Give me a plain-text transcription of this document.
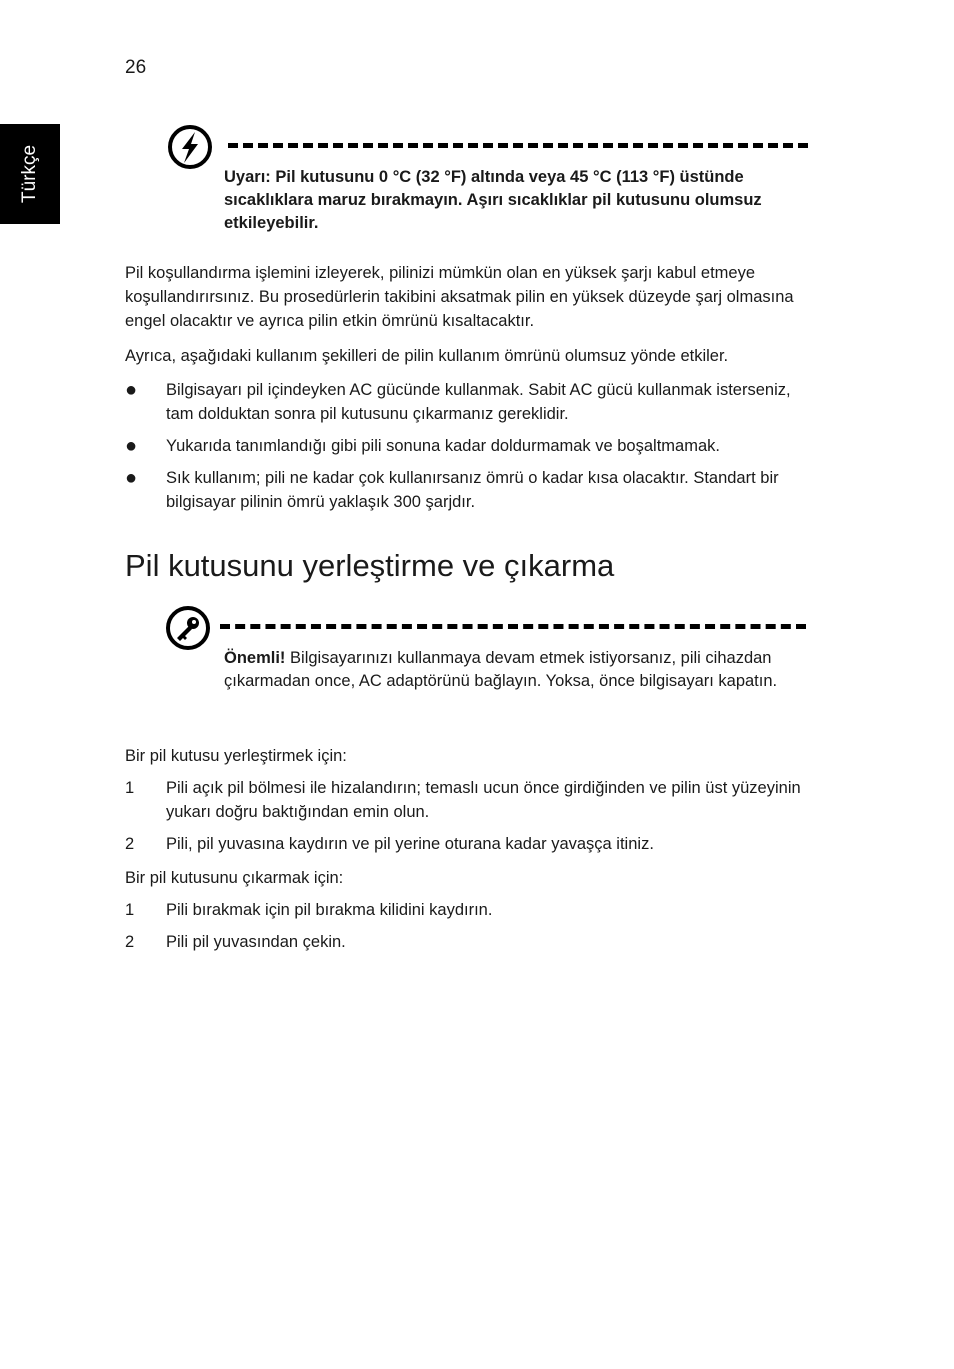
26
Türkçe	Uyarı: Pil kutusunu 0 °C (32 °F) altında veya 45 °C (113 °F) üstünde sıcaklıklara maruz bırakmayın. Aşırı sıcaklıklar pil kutusunu olumsuz etkileyebilir.

Pil koşullandırma işlemini izleyerek, pilinizi mümkün olan en yüksek şarjı kabul etmeye koşullandırırsınız. Bu prosedürlerin takibini aksatmak pilin en yüksek düzeyde şarj olmasına engel olacaktır ve ayrıca pilin etkin ömrünü kısaltacaktır.

Ayrıca, aşağıdaki kullanım şekilleri de pilin kullanım ömrünü olumsuz yönde etkiler.

● Bilgisayarı pil içindeyken AC gücünde kullanmak. Sabit AC gücü kullanmak isterseniz, tam dolduktan sonra pil kutusunu çıkarmanız gereklidir.
● Yukarıda tanımlandığı gibi pili sonuna kadar doldurmamak ve boşaltmamak.
● Sık kullanım; pili ne kadar çok kullanırsanız ömrü o kadar kısa olacaktır. Standart bir bilgisayar pilinin ömrü yaklaşık 300 şarjdır.
Pil kutusunu yerleştirme ve çıkarma
Önemli! Bilgisayarınızı kullanmaya devam etmek istiyorsanız, pili cihazdan çıkarmadan once, AC adaptörünü bağlayın. Yoksa, önce bilgisayarı kapatın.

Bir pil kutusu yerleştirmek için:

1 Pili açık pil bölmesi ile hizalandırın; temaslı ucun önce girdiğinden ve pilin üst yüzeyinin yukarı doğru baktığından emin olun.
2 Pili, pil yuvasına kaydırın ve pil yerine oturana kadar yavaşça itiniz.

Bir pil kutusunu çıkarmak için:

1 Pili bırakmak için pil bırakma kilidini kaydırın.
2 Pili pil yuvasından çekin.
